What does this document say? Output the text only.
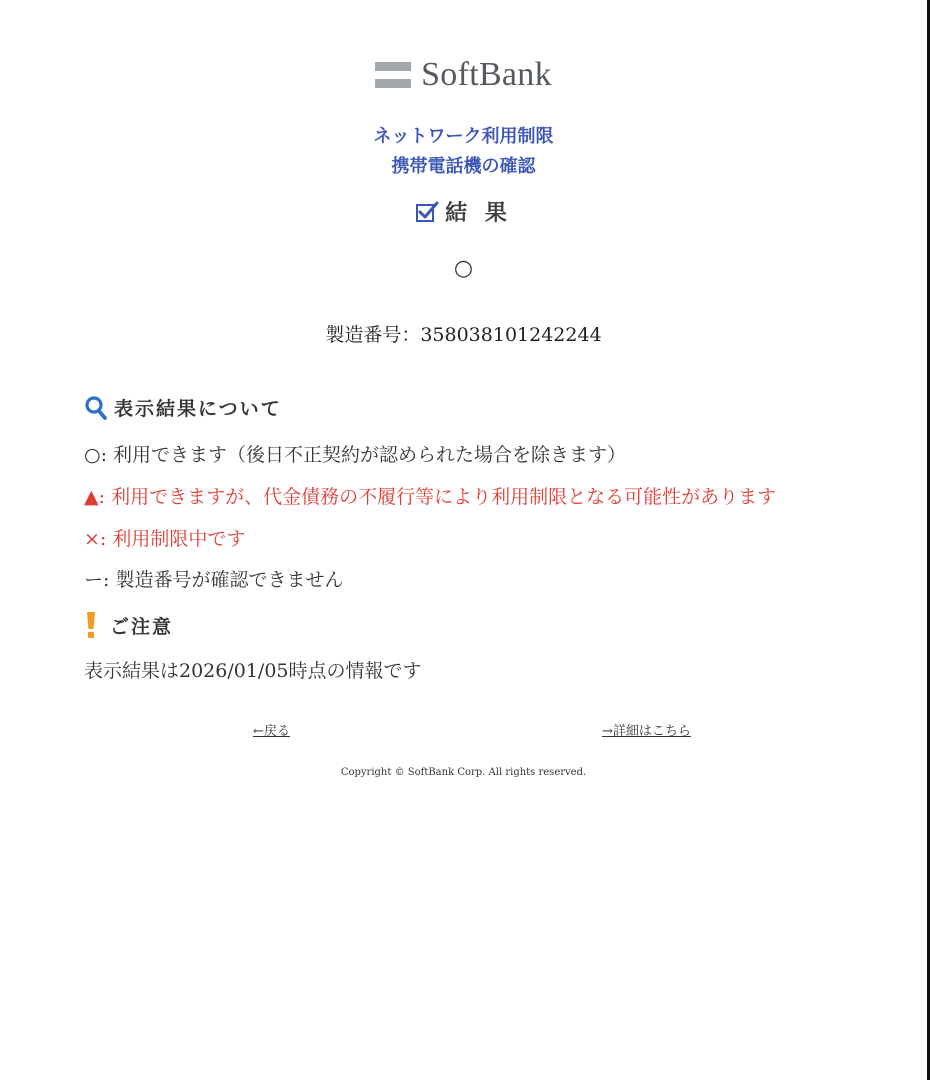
SoftBank
ネットワーク利用制限
携帯電話機の確認
結 果
○
製造番号：358038101242244
表示結果について
○: 利用できます（後日不正契約が認められた場合を除きます）
▲: 利用できますが、代金債務の不履行等により利用制限となる可能性があります
×: 利用制限中です
ー: 製造番号が確認できません
ご注意
表示結果は2026/01/05時点の情報です
←戻る	→詳細はこちら
Copyright © SoftBank Corp. All rights reserved.
